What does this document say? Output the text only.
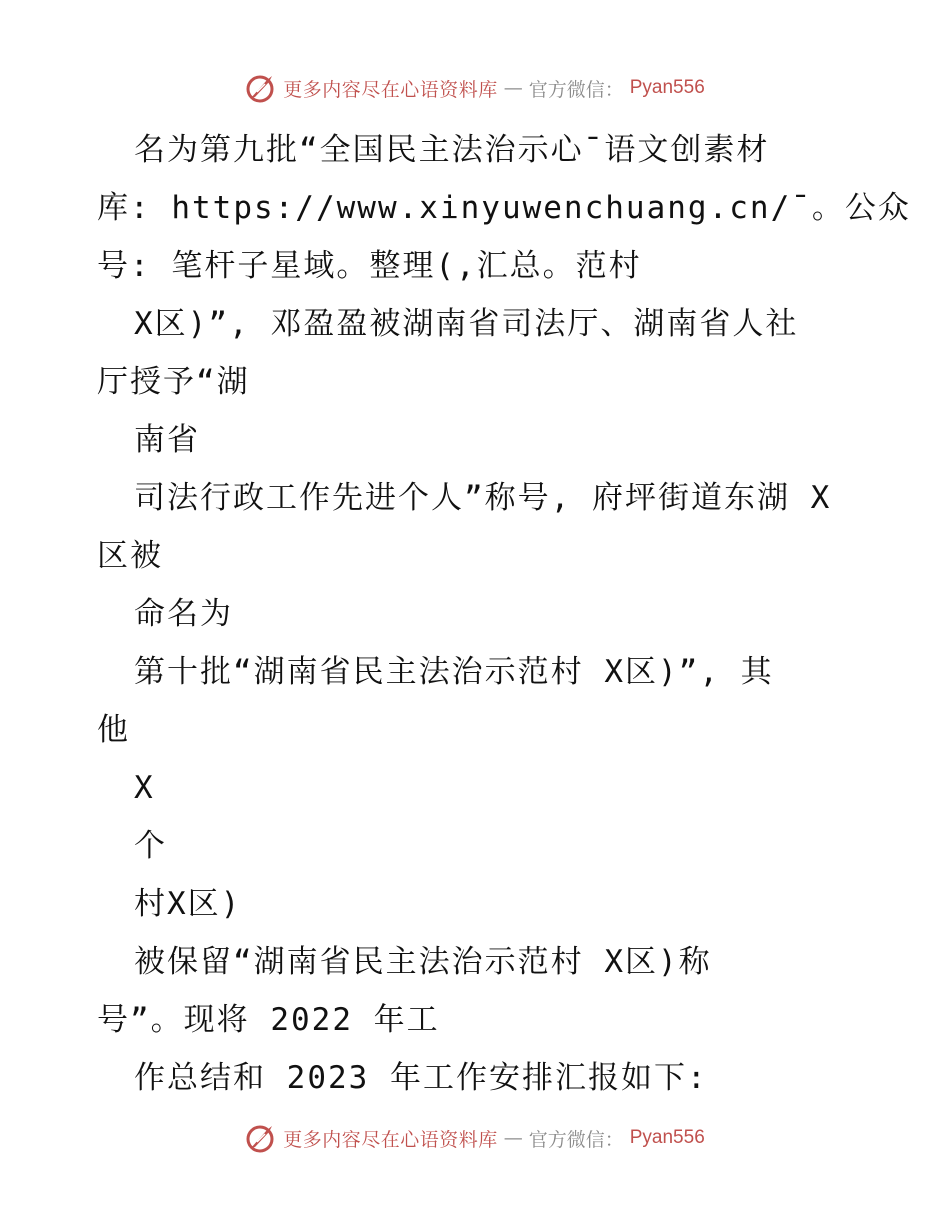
更多内容尽在心语资料库 — 官方微信： Pyan556
名为第九批“全国民主法治示心¯语文创素材
库: https://www.xinyuwenchuang.cn/¯。公众
号: 笔杆子星域。整理(,汇总。范村
X区)”, 邓盈盈被湖南省司法厅、湖南省人社
厅授予“湖
南省
司法行政工作先进个人”称号, 府坪街道东湖 X
区被
命名为
第十批“湖南省民主法治示范村 X区)”, 其
他
X
个
村X区)
被保留“湖南省民主法治示范村 X区)称
号”。现将 2022 年工
作总结和 2023 年工作安排汇报如下:
更多内容尽在心语资料库 — 官方微信： Pyan556
